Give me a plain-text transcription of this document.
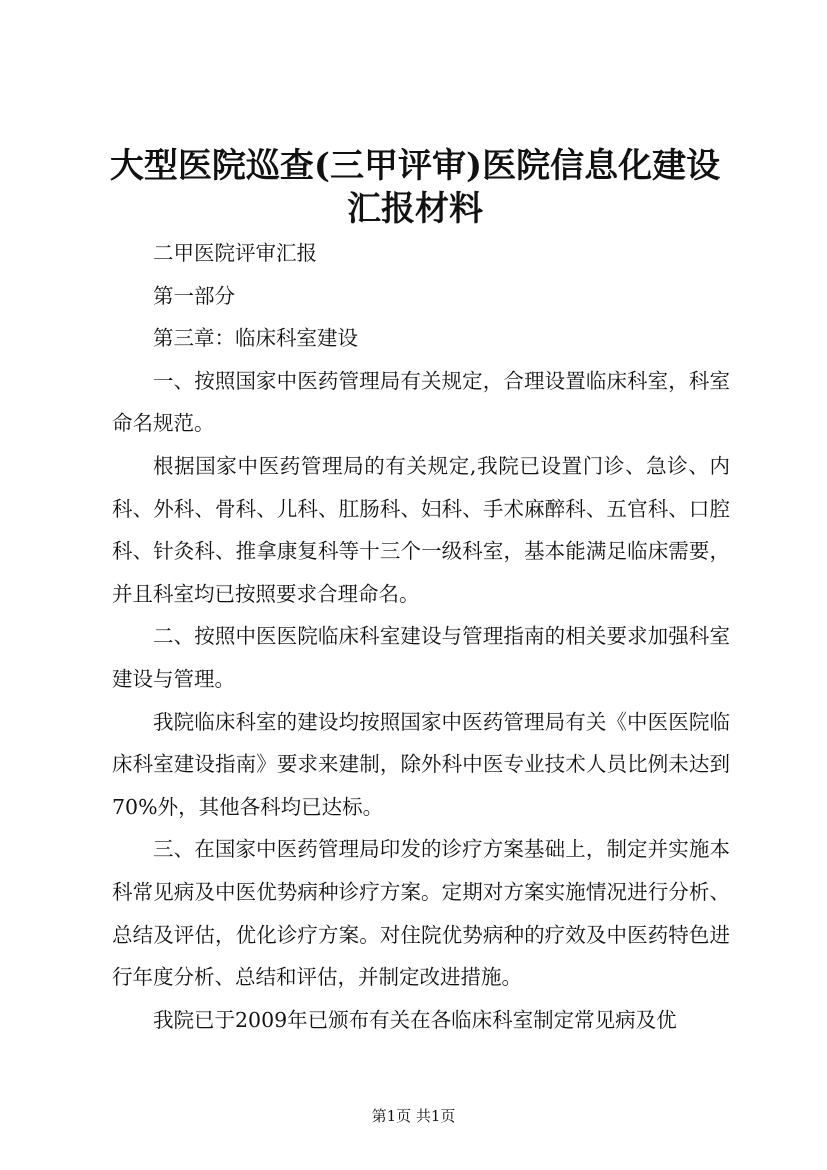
大型医院巡查(三甲评审)医院信息化建设汇报材料

二甲医院评审汇报

第一部分

第三章：临床科室建设

一、按照国家中医药管理局有关规定，合理设置临床科室，科室命名规范。

根据国家中医药管理局的有关规定,我院已设置门诊、急诊、内科、外科、骨科、儿科、肛肠科、妇科、手术麻醉科、五官科、口腔科、针灸科、推拿康复科等十三个一级科室，基本能满足临床需要，并且科室均已按照要求合理命名。

二、按照中医医院临床科室建设与管理指南的相关要求加强科室建设与管理。

我院临床科室的建设均按照国家中医药管理局有关《中医医院临床科室建设指南》要求来建制，除外科中医专业技术人员比例未达到70%外，其他各科均已达标。

三、在国家中医药管理局印发的诊疗方案基础上，制定并实施本科常见病及中医优势病种诊疗方案。定期对方案实施情况进行分析、总结及评估，优化诊疗方案。对住院优势病种的疗效及中医药特色进行年度分析、总结和评估，并制定改进措施。

我院已于2009年已颁布有关在各临床科室制定常见病及优

第1页 共1页
